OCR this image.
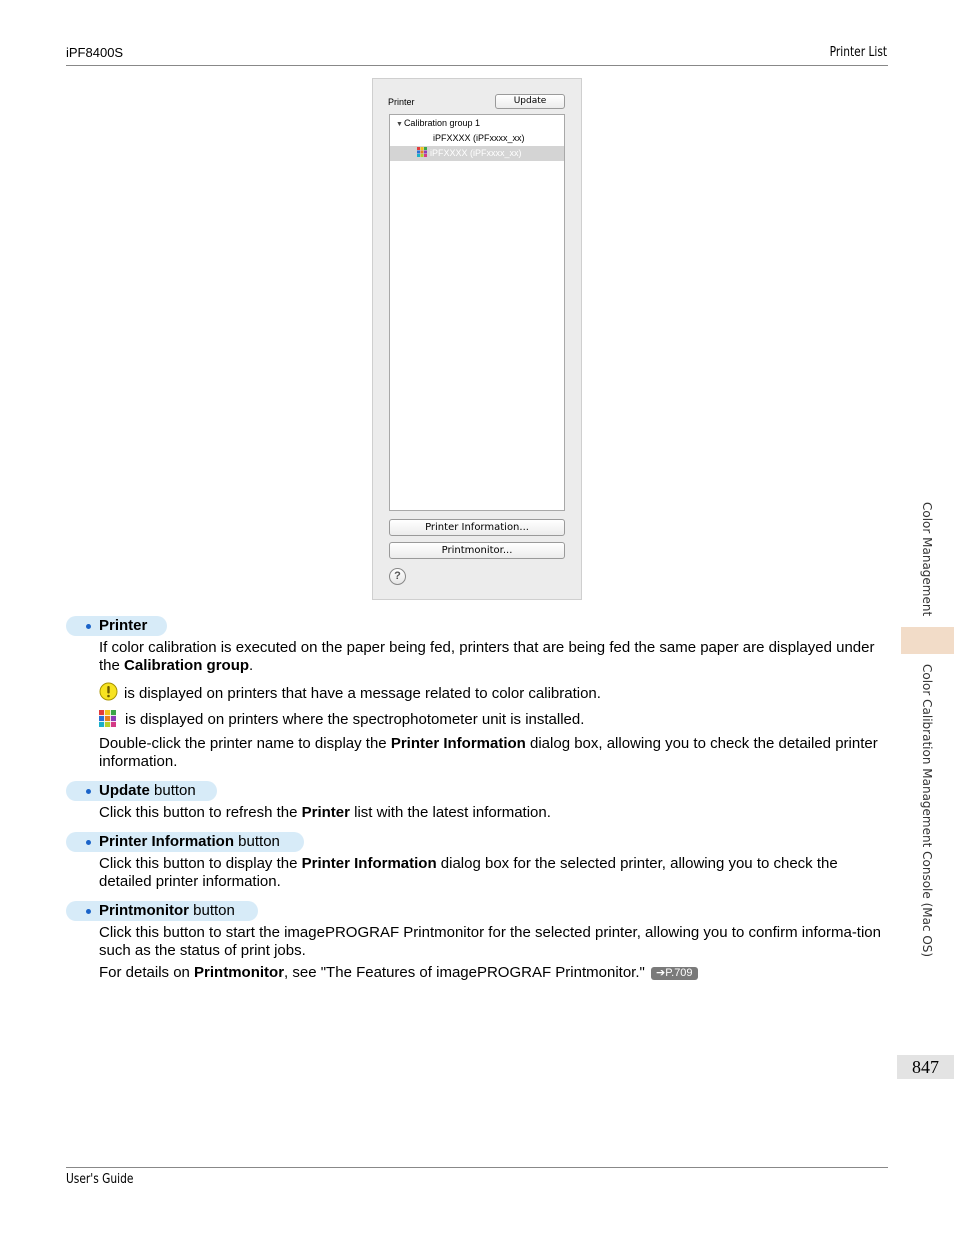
iPF8400S	Printer List
Color Management
Color Calibration Management Console (Mac OS)
847
Printer	Update
▼Calibration group 1
iPFXXXX (iPFxxxx_xx)
iPFXXXX (iPFxxxx_xx)
Printer Information...
Printmonitor...
?
Printer
If color calibration is executed on the paper being fed, printers that are being fed the same paper are displayed under the Calibration group.
is displayed on printers that have a message related to color calibration.
is displayed on printers where the spectrophotometer unit is installed.
Double-click the printer name to display the Printer Information dialog box, allowing you to check the detailed printer information.
Update button
Click this button to refresh the Printer list with the latest information.
Printer Information button
Click this button to display the Printer Information dialog box for the selected printer, allowing you to check the detailed printer information.
Printmonitor button
Click this button to start the imagePROGRAF Printmonitor for the selected printer, allowing you to confirm informa-tion such as the status of print jobs.
For details on Printmonitor, see "The Features of imagePROGRAF Printmonitor." ➔P.709
User's Guide
